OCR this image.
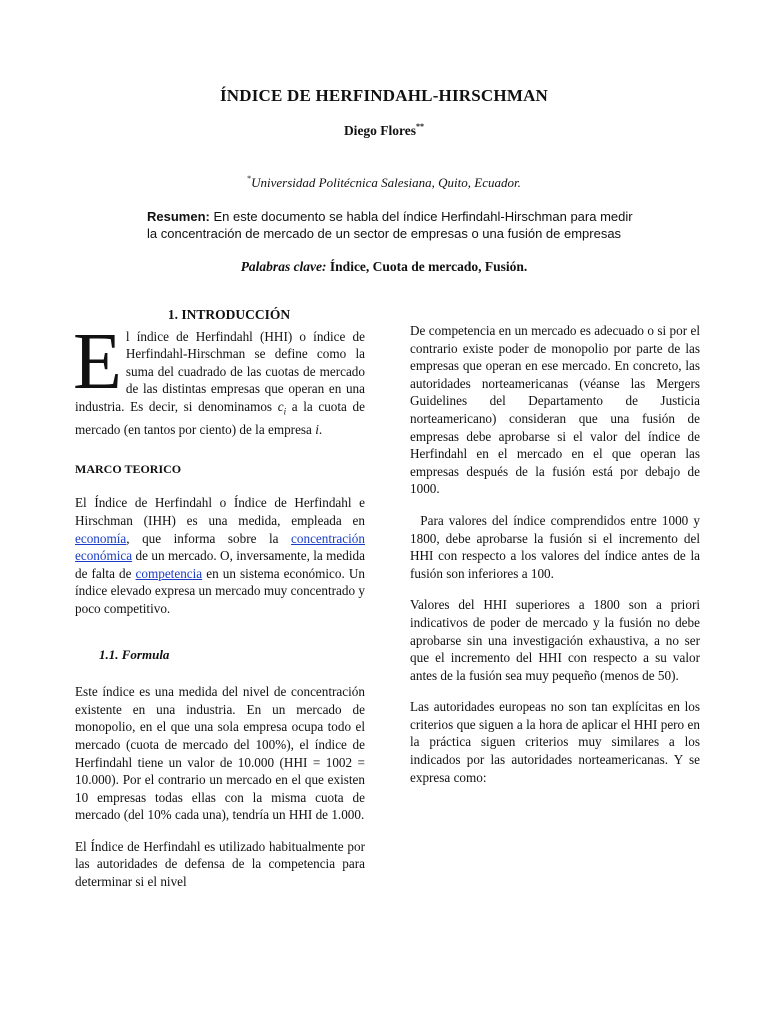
ÍNDICE DE HERFINDAHL-HIRSCHMAN
Diego Flores**
*Universidad Politécnica Salesiana, Quito, Ecuador.
Resumen: En este documento se habla del índice Herfindahl-Hirschman para medir la concentración de mercado de un sector de empresas o una fusión de empresas
Palabras clave: Índice, Cuota de mercado, Fusión.
1. INTRODUCCIÓN

El índice de Herfindahl (HHI) o índice de Herfindahl-Hirschman se define como la suma del cuadrado de las cuotas de mercado de las distintas empresas que operan en una industria. Es decir, si denominamos $c_i$ a la cuota de mercado (en tantos por ciento) de la empresa i.

MARCO TEORICO

El Índice de Herfindahl o Índice de Herfindahl e Hirschman (IHH) es una medida, empleada en economía, que informa sobre la concentración económica de un mercado. O, inversamente, la medida de falta de competencia en un sistema económico. Un índice elevado expresa un mercado muy concentrado y poco competitivo.

1.1. Formula

Este índice es una medida del nivel de concentración existente en una industria. En un mercado de monopolio, en el que una sola empresa ocupa todo el mercado (cuota de mercado del 100%), el índice de Herfindahl tiene un valor de 10.000 (HHI = 1002 = 10.000). Por el contrario un mercado en el que existen 10 empresas todas ellas con la misma cuota de mercado (del 10% cada una), tendría un HHI de 1.000.

El Índice de Herfindahl es utilizado habitualmente por las autoridades de defensa de la competencia para determinar si el nivel

De competencia en un mercado es adecuado o si por el contrario existe poder de monopolio por parte de las empresas que operan en ese mercado. En concreto, las autoridades norteamericanas (véanse las Mergers Guidelines del Departamento de Justicia norteamericano) consideran que una fusión de empresas debe aprobarse si el valor del índice de Herfindahl en el mercado en el que operan las empresas después de la fusión está por debajo de 1000.

Para valores del índice comprendidos entre 1000 y 1800, debe aprobarse la fusión si el incremento del HHI con respecto a los valores del índice antes de la fusión son inferiores a 100.

Valores del HHI superiores a 1800 son a priori indicativos de poder de mercado y la fusión no debe aprobarse sin una investigación exhaustiva, a no ser que el incremento del HHI con respecto a su valor antes de la fusión sea muy pequeño (menos de 50).

Las autoridades europeas no son tan explícitas en los criterios que siguen a la hora de aplicar el HHI pero en la práctica siguen criterios muy similares a los indicados por las autoridades norteamericanas. Y se expresa como:
